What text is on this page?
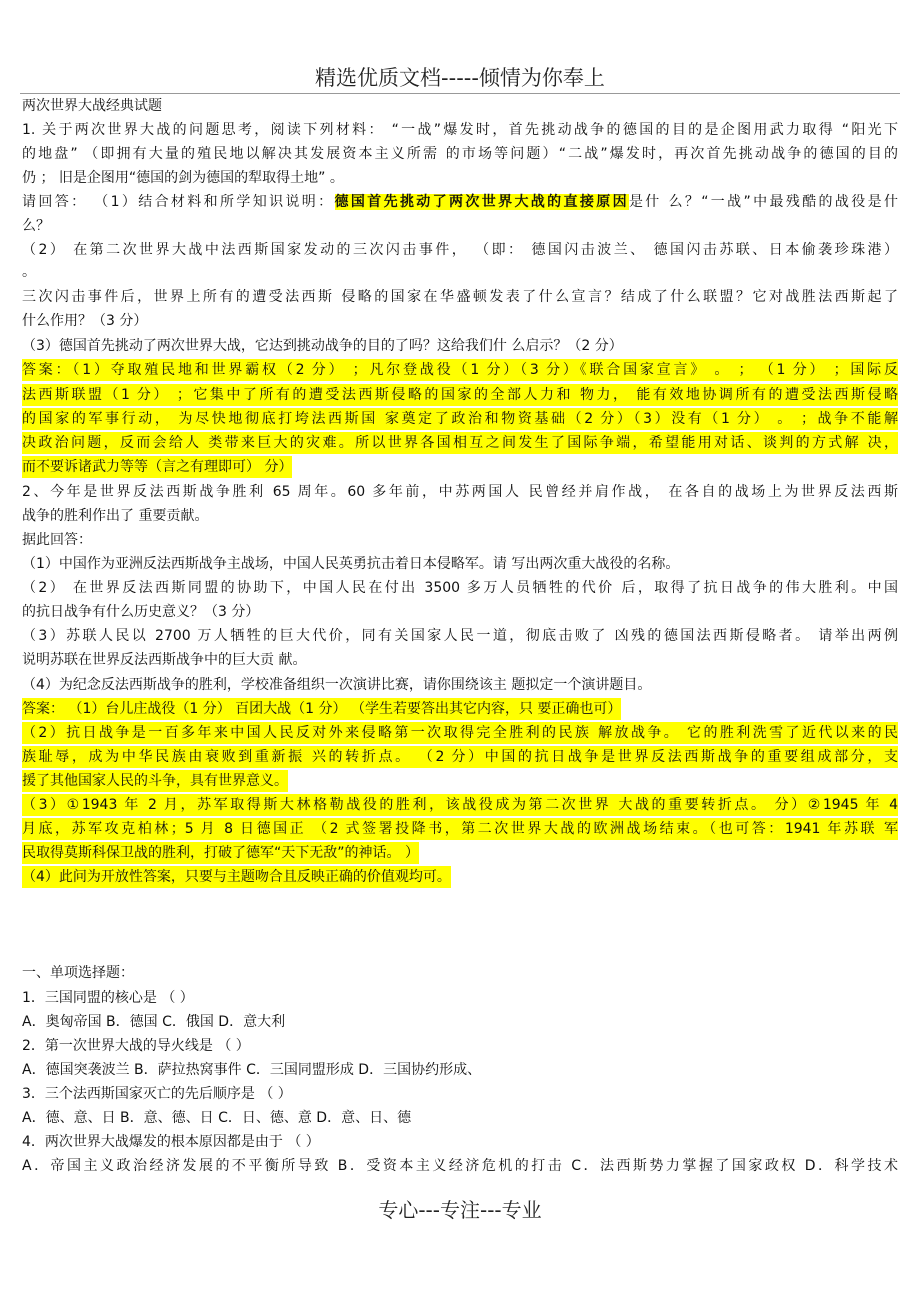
精选优质文档-----倾情为你奉上
两次世界大战经典试题
1. 关于两次世界大战的问题思考，阅读下列材料： “一战”爆发时，首先挑动战争的德国的目的是企图用武力取得 “阳光下
的地盘” （即拥有大量的殖民地以解决其发展资本主义所需 的市场等问题）“二战”爆发时，再次首先挑动战争的德国的目的
仍 ； 旧是企图用“德国的剑为德国的犁取得土地” 。
请回答： （1）结合材料和所学知识说明：德国首先挑动了两次世界大战的直接原因是什 么？“一战”中最残酷的战役是什
么？
（2） 在第二次世界大战中法西斯国家发动的三次闪击事件， （即： 德国闪击波兰、 德国闪击苏联、日本偷袭珍珠港）
。
三次闪击事件后，世界上所有的遭受法西斯 侵略的国家在华盛顿发表了什么宣言？结成了什么联盟？它对战胜法西斯起了
什么作用？（3 分）
（3）德国首先挑动了两次世界大战，它达到挑动战争的目的了吗？这给我们什 么启示？（2 分）
答案：（1）夺取殖民地和世界霸权（2 分） ；凡尔登战役（1 分）（3 分）《联合国家宣言》 。 ； （1 分） ；国际反
法西斯联盟（1 分） ；它集中了所有的遭受法西斯侵略的国家的全部人力和 物力， 能有效地协调所有的遭受法西斯侵略
的国家的军事行动， 为尽快地彻底打垮法西斯国 家奠定了政治和物资基础（2 分）（3）没有（1 分） 。 ；战争不能解
决政治问题，反而会给人 类带来巨大的灾难。所以世界各国相互之间发生了国际争端，希望能用对话、谈判的方式解 决，
而不要诉诸武力等等（言之有理即可） 分）
2、今年是世界反法西斯战争胜利 65 周年。60 多年前，中苏两国人 民曾经并肩作战， 在各自的战场上为世界反法西斯
战争的胜利作出了 重要贡献。
据此回答：
（1）中国作为亚洲反法西斯战争主战场，中国人民英勇抗击着日本侵略军。请 写出两次重大战役的名称。
（2） 在世界反法西斯同盟的协助下，中国人民在付出 3500 多万人员牺牲的代价 后，取得了抗日战争的伟大胜利。中国
的抗日战争有什么历史意义？（3 分）
（3）苏联人民以 2700 万人牺牲的巨大代价，同有关国家人民一道，彻底击败了 凶残的德国法西斯侵略者。 请举出两例
说明苏联在世界反法西斯战争中的巨大贡 献。
（4）为纪念反法西斯战争的胜利，学校准备组织一次演讲比赛，请你围绕该主 题拟定一个演讲题目。
答案： （1）台儿庄战役（1 分） 百团大战（1 分） （学生若要答出其它内容，只 要正确也可）
（2）抗日战争是一百多年来中国人民反对外来侵略第一次取得完全胜利的民族 解放战争。 它的胜利洗雪了近代以来的民
族耻辱，成为中华民族由衰败到重新振 兴的转折点。 （2 分）中国的抗日战争是世界反法西斯战争的重要组成部分，支
援了其他国家人民的斗争，具有世界意义。
（3）①1943 年 2 月，苏军取得斯大林格勒战役的胜利，该战役成为第二次世界 大战的重要转折点。 分）②1945 年 4
月底，苏军攻克柏林；5 月 8 日德国正 （2 式签署投降书，第二次世界大战的欧洲战场结束。（也可答：1941 年苏联 军
民取得莫斯科保卫战的胜利，打破了德军“天下无敌”的神话。 ）
（4）此问为开放性答案，只要与主题吻合且反映正确的价值观均可。
一、单项选择题：
1．三国同盟的核心是 （ ）
A．奥匈帝国 B．德国 C．俄国 D．意大利
2．第一次世界大战的导火线是 （ ）
A．德国突袭波兰 B．萨拉热窝事件 C．三国同盟形成 D．三国协约形成、
3．三个法西斯国家灭亡的先后顺序是 （ ）
A．德、意、日 B．意、德、日 C．日、德、意 D．意、日、德
4．两次世界大战爆发的根本原因都是由于 （ ）
A．帝国主义政治经济发展的不平衡所导致 B．受资本主义经济危机的打击 C．法西斯势力掌握了国家政权 D．科学技术
专心---专注---专业
